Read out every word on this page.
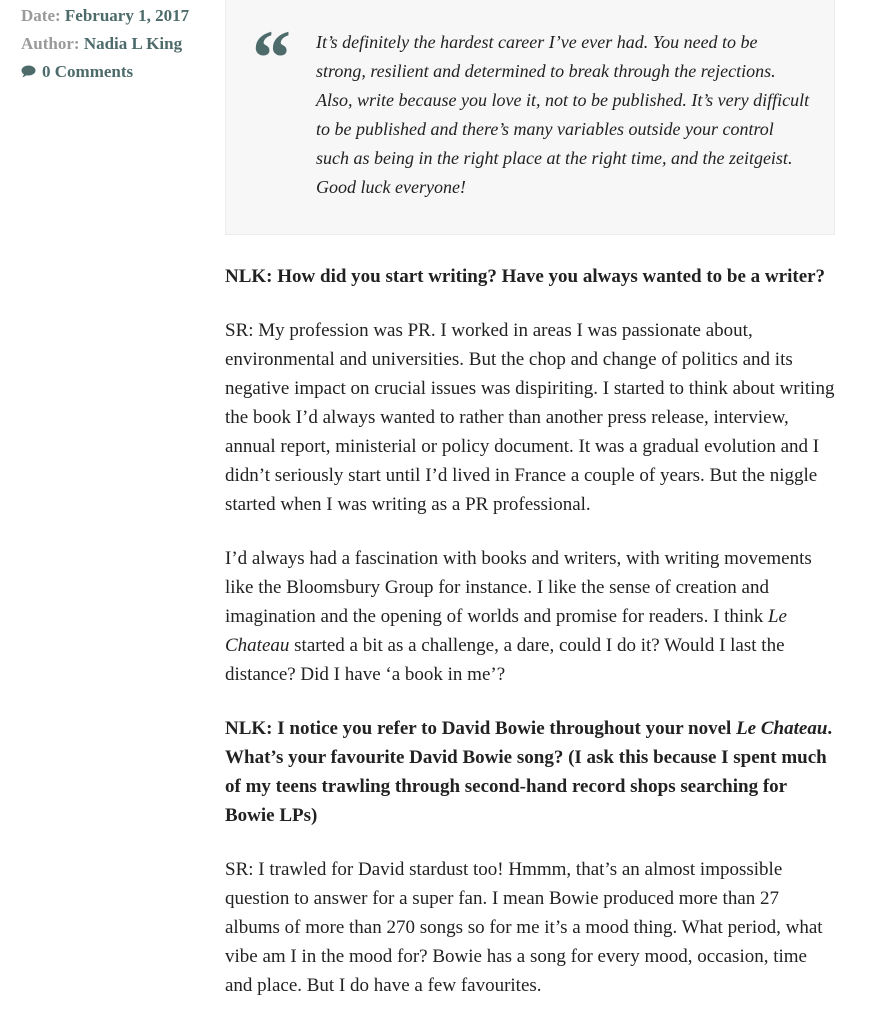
Date: February 1, 2017
Author: Nadia L King
0 Comments	“ It’s definitely the hardest career I’ve ever had. You need to be strong, resilient and determined to break through the rejections. Also, write because you love it, not to be published. It’s very difficult to be published and there’s many variables outside your control such as being in the right place at the right time, and the zeitgeist. Good luck everyone!

NLK: How did you start writing? Have you always wanted to be a writer?

SR: My profession was PR. I worked in areas I was passionate about, environmental and universities. But the chop and change of politics and its negative impact on crucial issues was dispiriting. I started to think about writing the book I’d always wanted to rather than another press release, interview, annual report, ministerial or policy document. It was a gradual evolution and I didn’t seriously start until I’d lived in France a couple of years. But the niggle started when I was writing as a PR professional.

I’d always had a fascination with books and writers, with writing movements like the Bloomsbury Group for instance. I like the sense of creation and imagination and the opening of worlds and promise for readers. I think Le Chateau started a bit as a challenge, a dare, could I do it? Would I last the distance? Did I have ‘a book in me’?

NLK: I notice you refer to David Bowie throughout your novel Le Chateau. What’s your favourite David Bowie song? (I ask this because I spent much of my teens trawling through second-hand record shops searching for Bowie LPs)

SR: I trawled for David stardust too! Hmmm, that’s an almost impossible question to answer for a super fan. I mean Bowie produced more than 27 albums of more than 270 songs so for me it’s a mood thing. What period, what vibe am I in the mood for? Bowie has a song for every mood, occasion, time and place. But I do have a few favourites.
